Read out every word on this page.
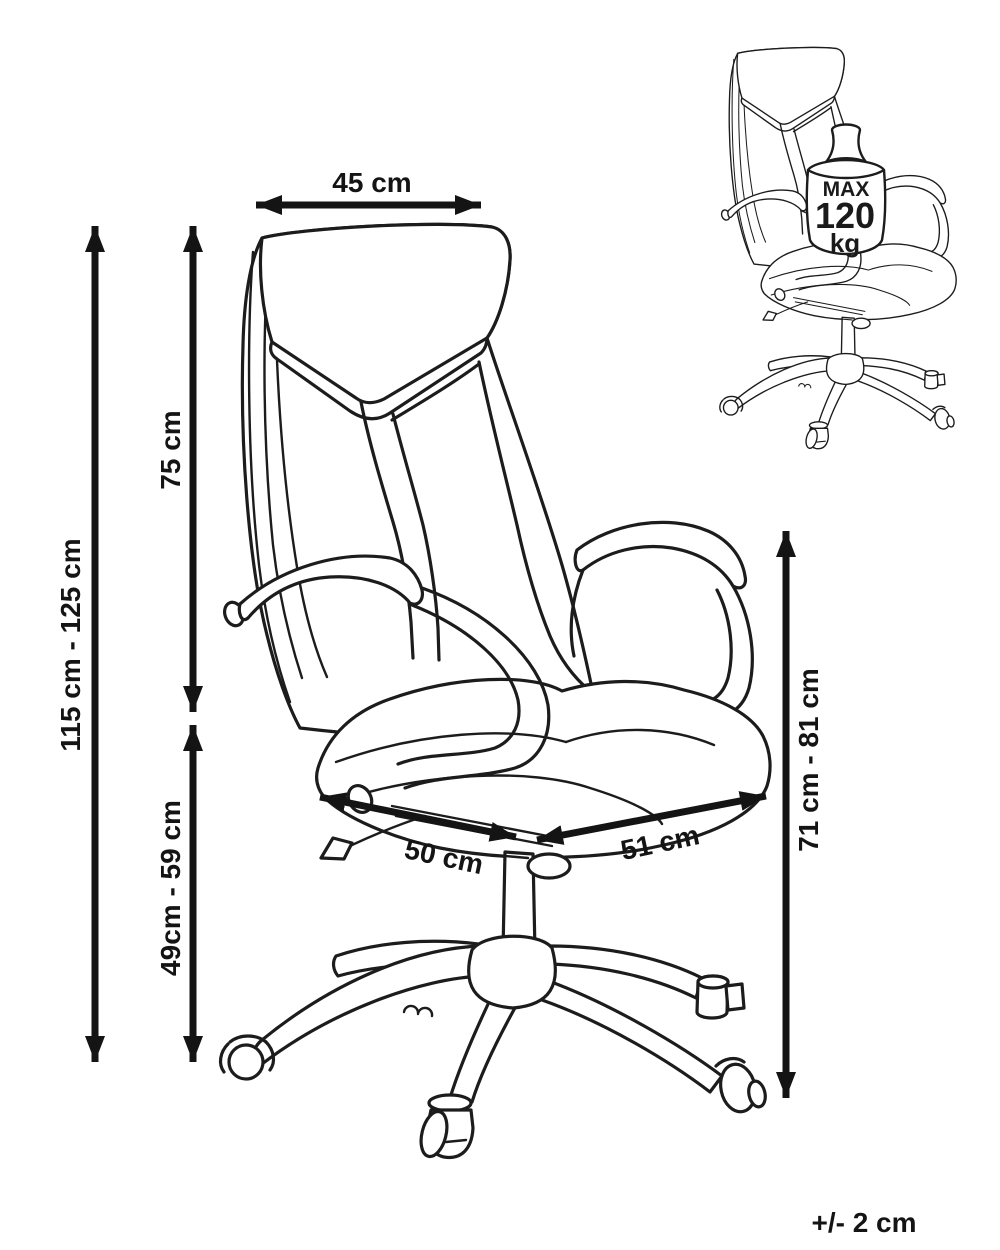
MAX
120
kg
45 cm
115 cm - 125 cm
75 cm
49cm - 59 cm
71 cm - 81 cm
50 cm	51 cm
+/- 2 cm
